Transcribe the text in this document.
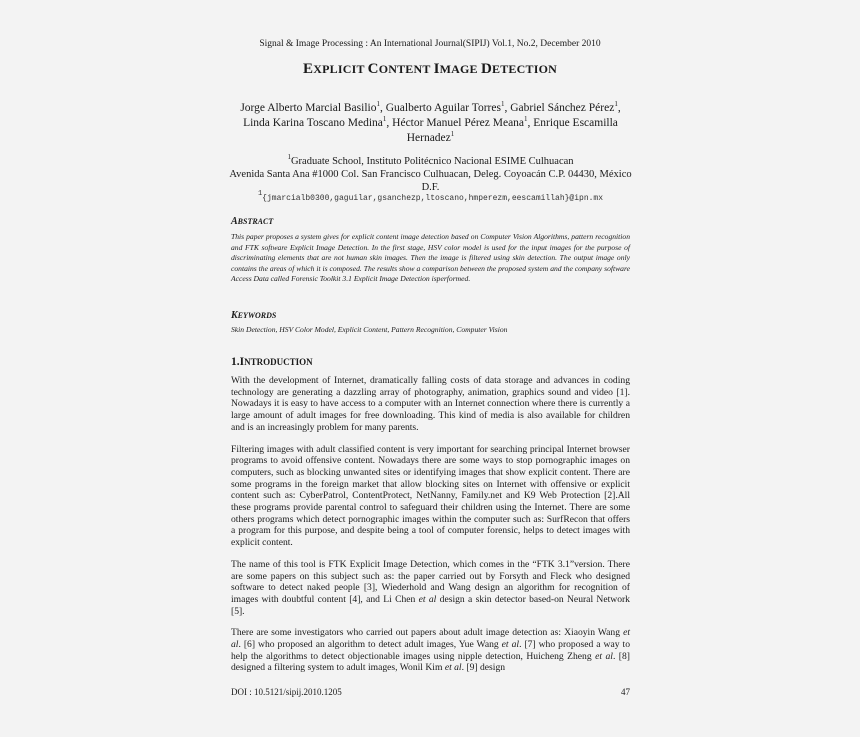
Signal & Image Processing : An International Journal(SIPIJ) Vol.1, No.2, December 2010
EXPLICIT CONTENT IMAGE DETECTION
Jorge Alberto Marcial Basilio$^1$, Gualberto Aguilar Torres$^1$, Gabriel Sánchez Pérez$^1$, Linda Karina Toscano Medina$^1$, Héctor Manuel Pérez Meana$^1$, Enrique Escamilla Hernadez$^1$
$^1$Graduate School, Instituto Politécnico Nacional ESIME Culhuacan
Avenida Santa Ana #1000 Col. San Francisco Culhuacan, Deleg. Coyoacán C.P. 04430, México D.F.
$^1${jmarcialb0300,gaguilar,gsanchezp,ltoscano,hmperezm,eescamillah}@ipn.mx
ABSTRACT
This paper proposes a system gives for explicit content image detection based on Computer Vision Algorithms, pattern recognition and FTK software Explicit Image Detection. In the first stage, HSV color model is used for the input images for the purpose of discriminating elements that are not human skin images. Then the image is filtered using skin detection. The output image only contains the areas of which it is composed. The results show a comparison between the proposed system and the company software Access Data called Forensic Toolkit 3.1 Explicit Image Detection isperformed.
KEYWORDS
Skin Detection, HSV Color Model, Explicit Content, Pattern Recognition, Computer Vision
1.INTRODUCTION
With the development of Internet, dramatically falling costs of data storage and advances in coding technology are generating a dazzling array of photography, animation, graphics sound and video [1]. Nowadays it is easy to have access to a computer with an Internet connection where there is currently a large amount of adult images for free downloading. This kind of media is also available for children and is an increasingly problem for many parents.
Filtering images with adult classified content is very important for searching principal Internet browser programs to avoid offensive content. Nowadays there are some ways to stop pornographic images on computers, such as blocking unwanted sites or identifying images that show explicit content. There are some programs in the foreign market that allow blocking sites on Internet with offensive or explicit content such as: CyberPatrol, ContentProtect, NetNanny, Family.net and K9 Web Protection [2].All these programs provide parental control to safeguard their children using the Internet. There are some others programs which detect pornographic images within the computer such as: SurfRecon that offers a program for this purpose, and despite being a tool of computer forensic, helps to detect images with explicit content.
The name of this tool is FTK Explicit Image Detection, which comes in the “FTK 3.1”version. There are some papers on this subject such as: the paper carried out by Forsyth and Fleck who designed software to detect naked people [3], Wiederhold and Wang design an algorithm for recognition of images with doubtful content [4], and Li Chen et al design a skin detector based-on Neural Network [5].
There are some investigators who carried out papers about adult image detection as: Xiaoyin Wang et al. [6] who proposed an algorithm to detect adult images, Yue Wang et al. [7] who proposed a way to help the algorithms to detect objectionable images using nipple detection, Huicheng Zheng et al. [8] designed a filtering system to adult images, Wonil Kim et al. [9] design
DOI : 10.5121/sipij.2010.1205	47
